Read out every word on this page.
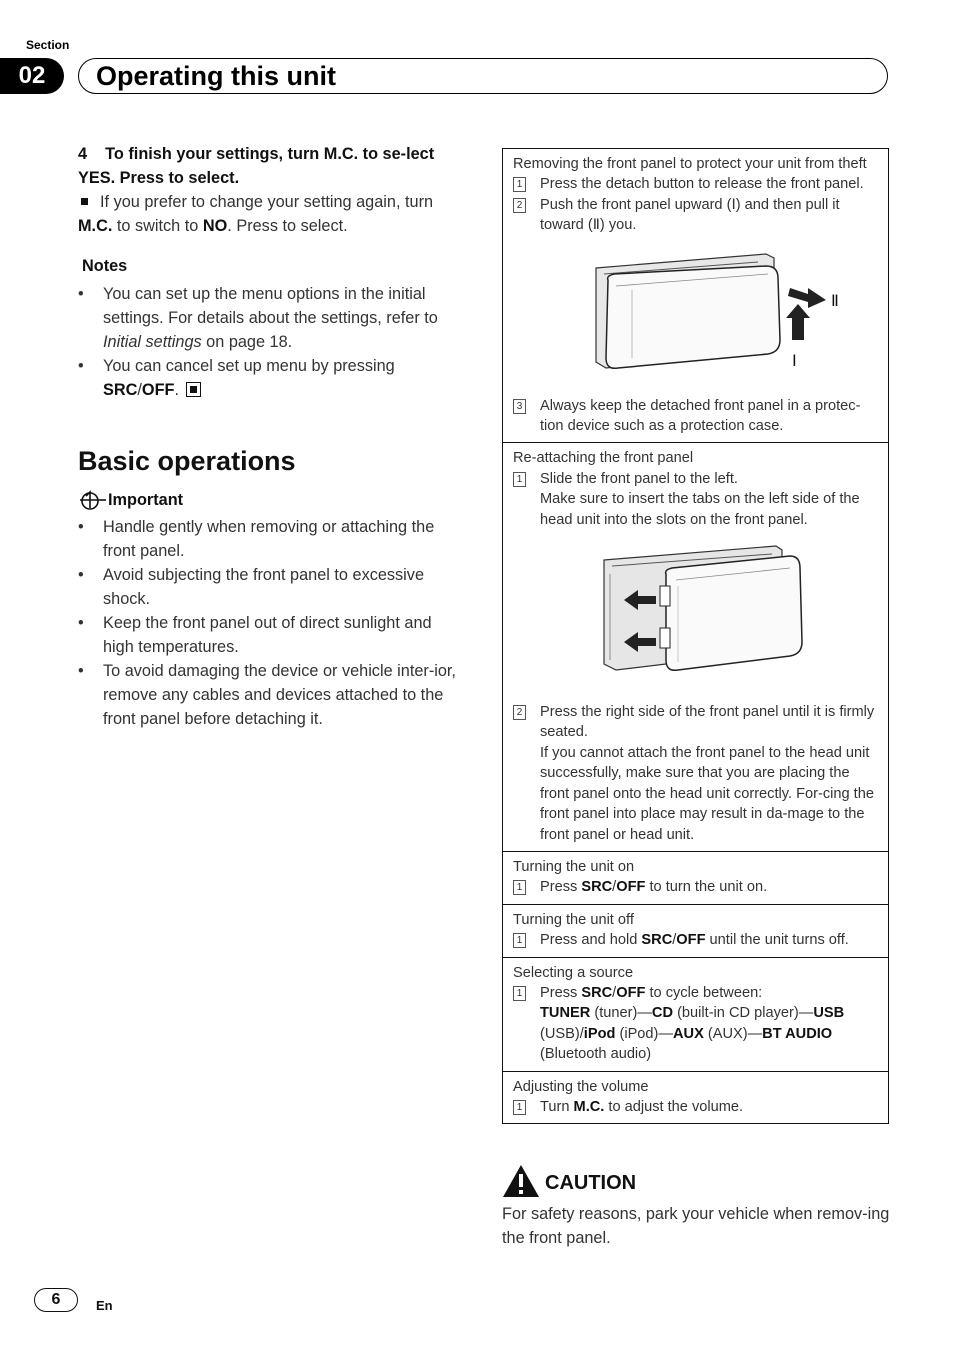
Section
02	Operating this unit
4 To finish your settings, turn M.C. to se-lect YES. Press to select.
If you prefer to change your setting again, turn M.C. to switch to NO. Press to select.
Notes
•	You can set up the menu options in the initial settings. For details about the settings, refer to Initial settings on page 18.
•	You can cancel set up menu by pressing SRC/OFF.
Basic operations
Important
•	Handle gently when removing or attaching the front panel.
•	Avoid subjecting the front panel to excessive shock.
•	Keep the front panel out of direct sunlight and high temperatures.
•	To avoid damaging the device or vehicle inter-ior, remove any cables and devices attached to the front panel before detaching it.
Removing the front panel to protect your unit from theft
1 Press the detach button to release the front panel.
2 Push the front panel upward (Ⅰ) and then pull it toward (Ⅱ) you.
Ⅱ
Ⅰ
3 Always keep the detached front panel in a protec-tion device such as a protection case.
Re-attaching the front panel
1 Slide the front panel to the left.
Make sure to insert the tabs on the left side of the head unit into the slots on the front panel.
2 Press the right side of the front panel until it is firmly seated.
If you cannot attach the front panel to the head unit successfully, make sure that you are placing the front panel onto the head unit correctly. For-cing the front panel into place may result in da-mage to the front panel or head unit.
Turning the unit on
1 Press SRC/OFF to turn the unit on.
Turning the unit off
1 Press and hold SRC/OFF until the unit turns off.
Selecting a source
1 Press SRC/OFF to cycle between:
TUNER (tuner)—CD (built-in CD player)—USB (USB)/iPod (iPod)—AUX (AUX)—BT AUDIO (Bluetooth audio)
Adjusting the volume
1 Turn M.C. to adjust the volume.
CAUTION
For safety reasons, park your vehicle when remov-ing the front panel.
6	En
